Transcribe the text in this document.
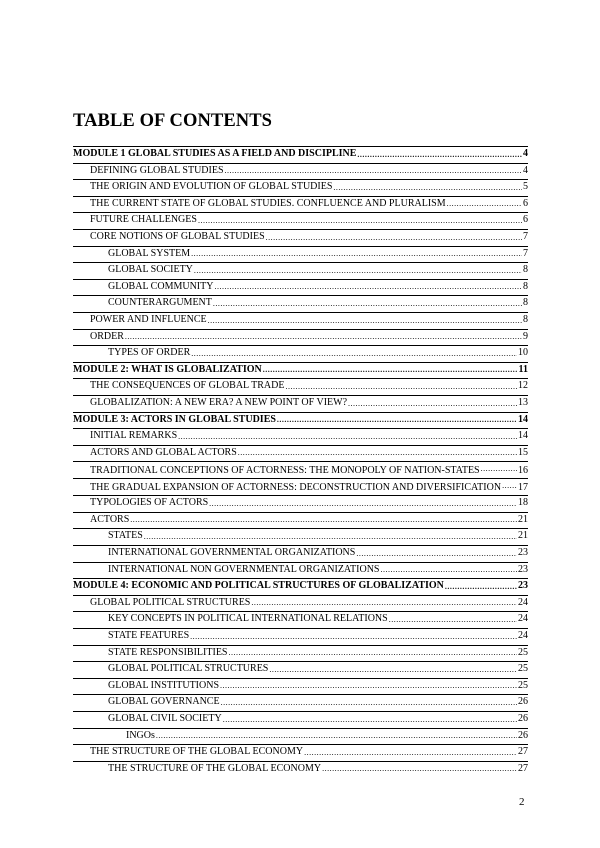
TABLE OF CONTENTS
MODULE 1 GLOBAL STUDIES AS A FIELD AND DISCIPLINE .....	4
DEFINING GLOBAL STUDIES .....	4
THE ORIGIN AND EVOLUTION OF GLOBAL STUDIES .....	5
THE CURRENT STATE OF GLOBAL STUDIES. CONFLUENCE AND PLURALISM .....	6
FUTURE CHALLENGES .....	6
CORE NOTIONS OF GLOBAL STUDIES .....	7
GLOBAL SYSTEM .....	7
GLOBAL SOCIETY .....	8
GLOBAL COMMUNITY .....	8
COUNTERARGUMENT .....	8
POWER AND INFLUENCE .....	8
ORDER .....	9
TYPES OF ORDER .....	10
MODULE 2: WHAT IS GLOBALIZATION .....	11
THE CONSEQUENCES OF GLOBAL TRADE .....	12
GLOBALIZATION: A NEW ERA? A NEW POINT OF VIEW? .....	13
MODULE 3: ACTORS IN GLOBAL STUDIES .....	14
INITIAL REMARKS .....	14
ACTORS AND GLOBAL ACTORS .....	15
TRADITIONAL CONCEPTIONS OF ACTORNESS: THE MONOPOLY OF NATION-STATES .....	16
THE GRADUAL EXPANSION OF ACTORNESS: DECONSTRUCTION AND DIVERSIFICATION ..... 17
TYPOLOGIES OF ACTORS .....	18
ACTORS .....	21
STATES .....	21
INTERNATIONAL GOVERNMENTAL ORGANIZATIONS .....	23
INTERNATIONAL NON GOVERNMENTAL ORGANIZATIONS .....	23
MODULE 4: ECONOMIC AND POLITICAL STRUCTURES OF GLOBALIZATION .....	23
GLOBAL POLITICAL STRUCTURES .....	24
KEY CONCEPTS IN POLITICAL INTERNATIONAL RELATIONS .....	24
STATE FEATURES .....	24
STATE RESPONSIBILITIES .....	25
GLOBAL POLITICAL STRUCTURES .....	25
GLOBAL INSTITUTIONS .....	25
GLOBAL GOVERNANCE .....	26
GLOBAL CIVIL SOCIETY .....	26
INGOs .....	26
THE STRUCTURE OF THE GLOBAL ECONOMY .....	27
THE STRUCTURE OF THE GLOBAL ECONOMY .....	27
2
